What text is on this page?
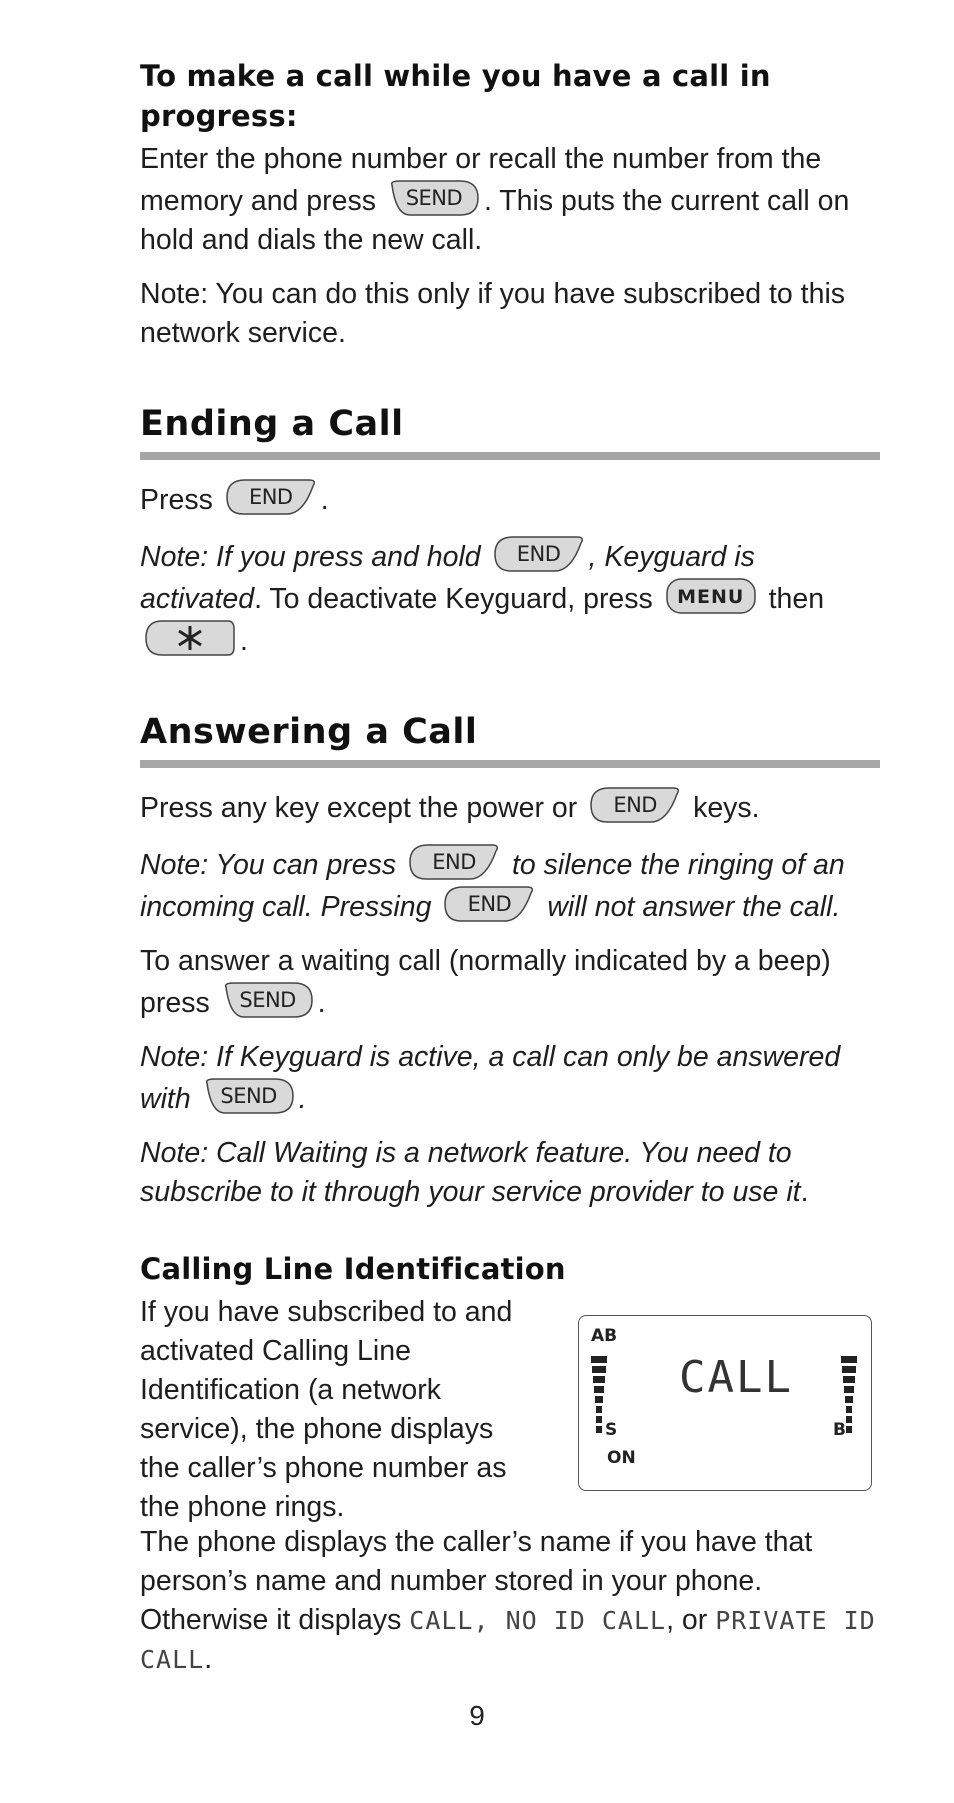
To make a call while you have a call in progress:

Enter the phone number or recall the number from the memory and press	SEND . This puts the current call on hold and dials the new call.

Note: You can do this only if you have subscribed to this network service.

Ending a Call

Press	END .

Note: If you press and hold	END , Keyguard is activated. To deactivate Keyguard, press	MENU then

.

Answering a Call

Press any key except the power or	END	keys.

Note: You can press	END	to silence the ringing of an incoming call. Pressing	END	will not answer the call.

To answer a waiting call (normally indicated by a beep) press	SEND .

Note: If Keyguard is active, a call can only be answered with	SEND .

Note: Call Waiting is a network feature. You need to subscribe to it through your service provider to use it.

Calling Line Identification

If you have subscribed to and activated Calling Line Identification (a network service), the phone displays the caller’s phone number as the phone rings.

AB
CALL
S	B
ON

The phone displays the caller’s name if you have that person’s name and number stored in your phone. Otherwise it displays CALL, NO ID CALL, or PRIVATE ID CALL.

9
